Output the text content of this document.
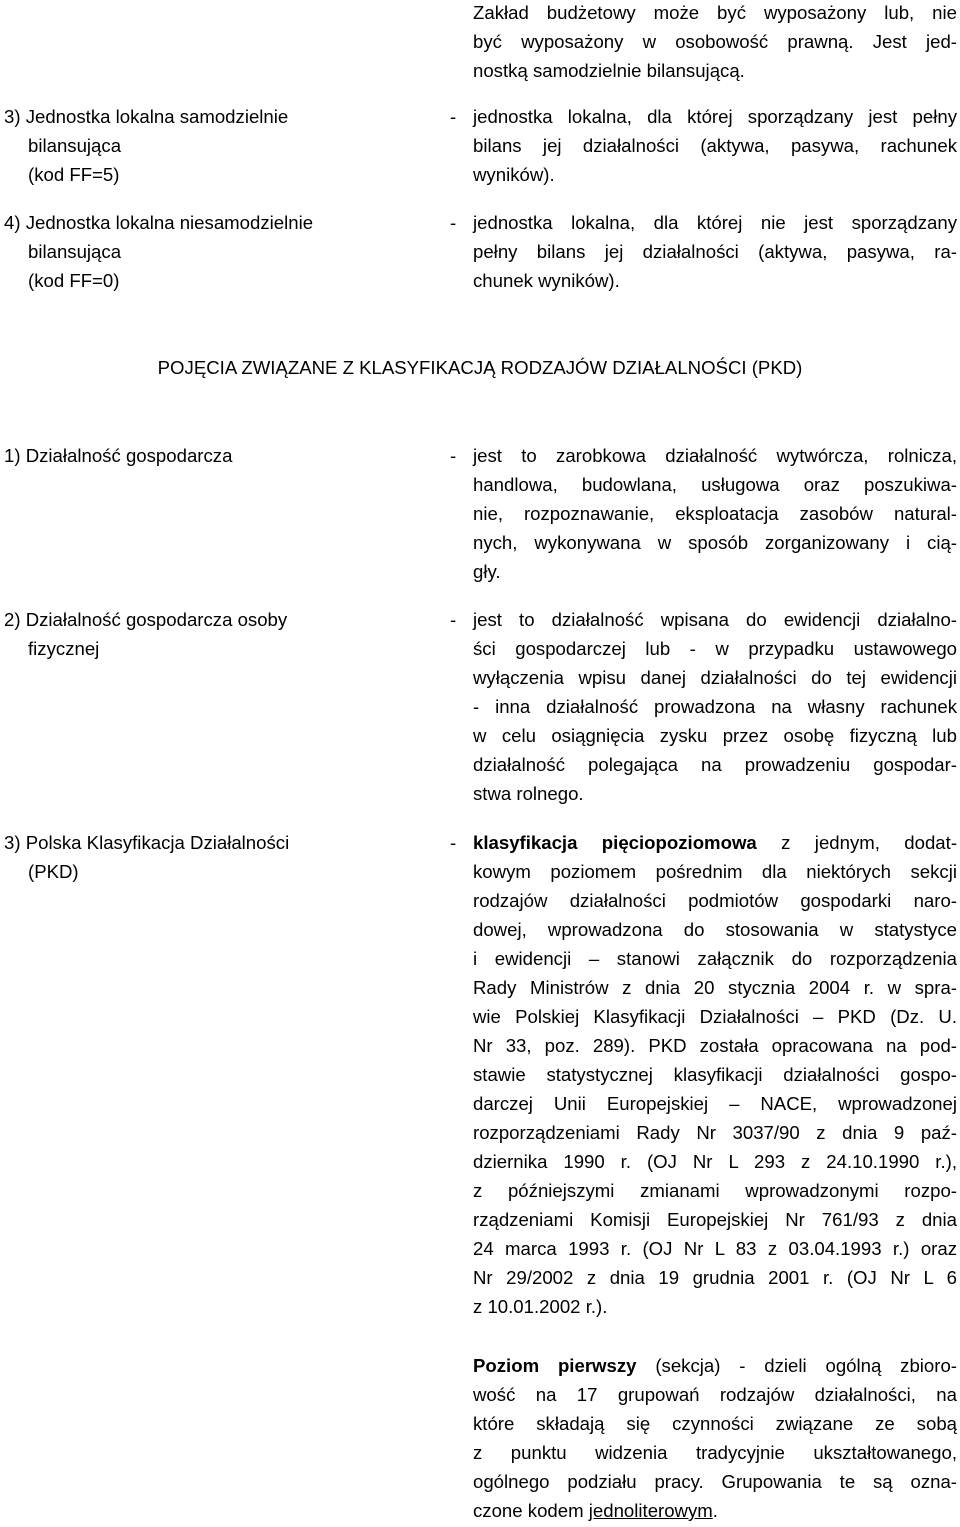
Zakład budżetowy może być wyposażony lub, nie
być wyposażony w osobowość prawną. Jest jed-
nostką samodzielnie bilansującą.
3) Jednostka lokalna samodzielnie
bilansująca
(kod FF=5)
- jednostka lokalna, dla której sporządzany jest pełny
bilans jej działalności (aktywa, pasywa, rachunek
wyników).
4) Jednostka lokalna niesamodzielnie
bilansująca
(kod FF=0)
- jednostka lokalna, dla której nie jest sporządzany
pełny bilans jej działalności (aktywa, pasywa, ra-
chunek wyników).
POJĘCIA ZWIĄZANE Z KLASYFIKACJĄ RODZAJÓW DZIAŁALNOŚCI (PKD)
1) Działalność gospodarcza	- jest to zarobkowa działalność wytwórcza, rolnicza,
handlowa, budowlana, usługowa oraz poszukiwa-
nie, rozpoznawanie, eksploatacja zasobów natural-
nych, wykonywana w sposób zorganizowany i cią-
gły.
2) Działalność gospodarcza osoby
fizycznej
- jest to działalność wpisana do ewidencji działalno-
ści gospodarczej lub - w przypadku ustawowego
wyłączenia wpisu danej działalności do tej ewidencji
- inna działalność prowadzona na własny rachunek
w celu osiągnięcia zysku przez osobę fizyczną lub
działalność polegająca na prowadzeniu gospodar-
stwa rolnego.
3) Polska Klasyfikacja Działalności
(PKD)
- klasyfikacja pięciopoziomowa z jednym, dodat-
kowym poziomem pośrednim dla niektórych sekcji
rodzajów działalności podmiotów gospodarki naro-
dowej, wprowadzona do stosowania w statystyce
i ewidencji – stanowi załącznik do rozporządzenia
Rady Ministrów z dnia 20 stycznia 2004 r. w spra-
wie Polskiej Klasyfikacji Działalności – PKD (Dz. U.
Nr 33, poz. 289). PKD została opracowana na pod-
stawie statystycznej klasyfikacji działalności gospo-
darczej Unii Europejskiej – NACE, wprowadzonej
rozporządzeniami Rady Nr 3037/90 z dnia 9 paź-
dziernika 1990 r. (OJ Nr L 293 z 24.10.1990 r.),
z późniejszymi zmianami wprowadzonymi rozpo-
rządzeniami Komisji Europejskiej Nr 761/93 z dnia
24 marca 1993 r. (OJ Nr L 83 z 03.04.1993 r.) oraz
Nr 29/2002 z dnia 19 grudnia 2001 r. (OJ Nr L 6
z 10.01.2002 r.).
Poziom pierwszy (sekcja) - dzieli ogólną zbioro-
wość na 17 grupowań rodzajów działalności, na
które składają się czynności związane ze sobą
z punktu widzenia tradycyjnie ukształtowanego,
ogólnego podziału pracy. Grupowania te są ozna-
czone kodem jednoliterowym.
